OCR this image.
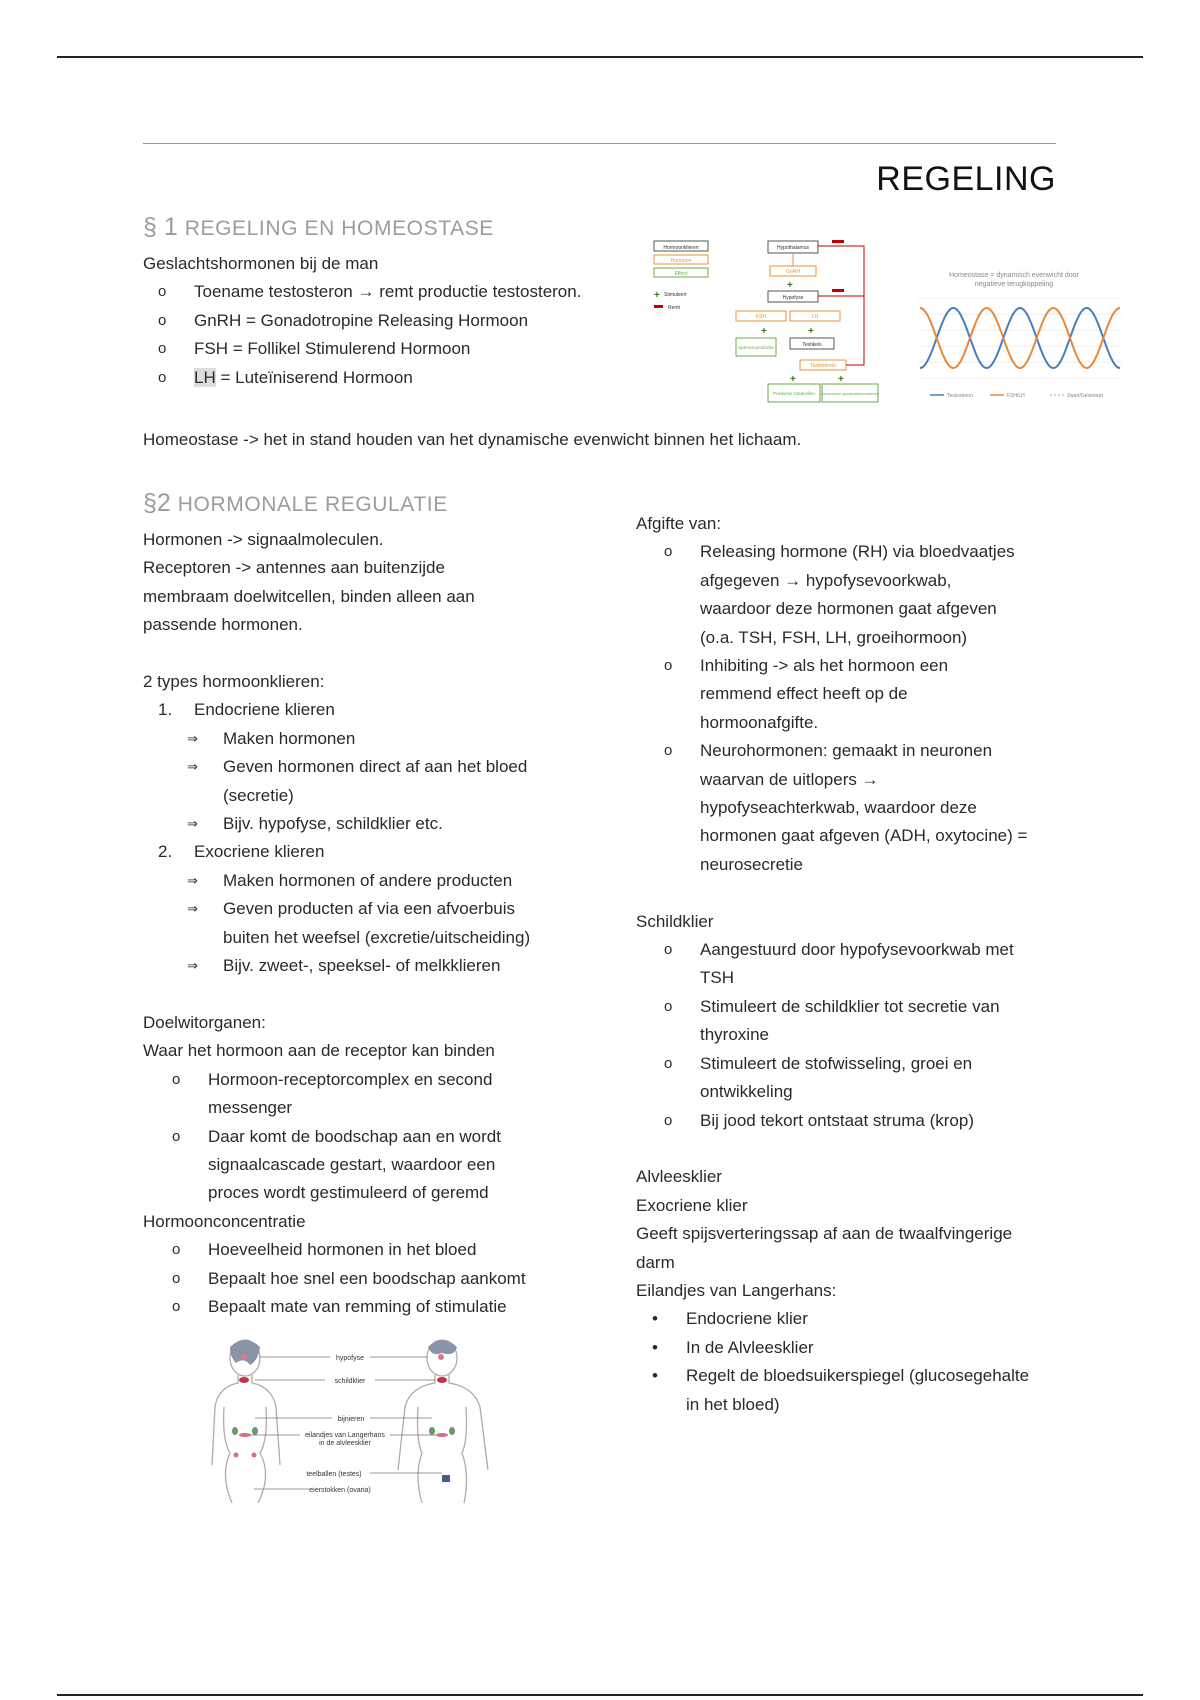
REGELING
§ 1 REGELING EN HOMEOSTASE
Geslachtshormonen bij de man
o Toename testosteron → remt productie testosteron.
o GnRH = Gonadotropine Releasing Hormoon
o FSH = Follikel Stimulerend Hormoon
o LH = Luteïniserend Hormoon
Hormoonklieren
Hormoon
Effect
+ Stimuleert
Remt
Hypothalamus
GnRH
+
Hypofyse
FSH	LH
+	+
Sperma-productie	Testikels
Testosteron
+	+
Productie zaadcellen Secundaire geslachtskenmerken
Homeostase = dynamisch evenwicht door
negatieve terugkoppeling
Testosteron	FSH/LH	Zwart/Gestreept
Homeostase -> het in stand houden van het dynamische evenwicht binnen het lichaam.
§2 HORMONALE REGULATIE
Hormonen -> signaalmoleculen.
Receptoren -> antennes aan buitenzijde
membraam doelwitcellen, binden alleen aan
passende hormonen.
2 types hormoonklieren:
1. Endocriene klieren
⇒ Maken hormonen
⇒ Geven hormonen direct af aan het bloed
(secretie)
⇒ Bijv. hypofyse, schildklier etc.
2. Exocriene klieren
⇒ Maken hormonen of andere producten
⇒ Geven producten af via een afvoerbuis
buiten het weefsel (excretie/uitscheiding)
⇒ Bijv. zweet-, speeksel- of melkklieren
Doelwitorganen:
Waar het hormoon aan de receptor kan binden
o Hormoon-receptorcomplex en second
messenger
o Daar komt de boodschap aan en wordt
signaalcascade gestart, waardoor een
proces wordt gestimuleerd of geremd
Hormoonconcentratie
o Hoeveelheid hormonen in het bloed
o Bepaalt hoe snel een boodschap aankomt
o Bepaalt mate van remming of stimulatie
hypofyse
schildklier
bijnieren
eilandjes van Langerhans
in de alvleesklier
teelballen (testes)
eierstokken (ovaria)
Afgifte van:
o Releasing hormone (RH) via bloedvaatjes
afgegeven → hypofysevoorkwab,
waardoor deze hormonen gaat afgeven
(o.a. TSH, FSH, LH, groeihormoon)
o Inhibiting -> als het hormoon een
remmend effect heeft op de
hormoonafgifte.
o Neurohormonen: gemaakt in neuronen
waarvan de uitlopers →
hypofyseachterkwab, waardoor deze
hormonen gaat afgeven (ADH, oxytocine) =
neurosecretie
Schildklier
o Aangestuurd door hypofysevoorkwab met
TSH
o Stimuleert de schildklier tot secretie van
thyroxine
o Stimuleert de stofwisseling, groei en
ontwikkeling
o Bij jood tekort ontstaat struma (krop)
Alvleesklier
Exocriene klier
Geeft spijsverteringssap af aan de twaalfvingerige
darm
Eilandjes van Langerhans:
• Endocriene klier
• In de Alvleesklier
• Regelt de bloedsuikerspiegel (glucosegehalte
in het bloed)
